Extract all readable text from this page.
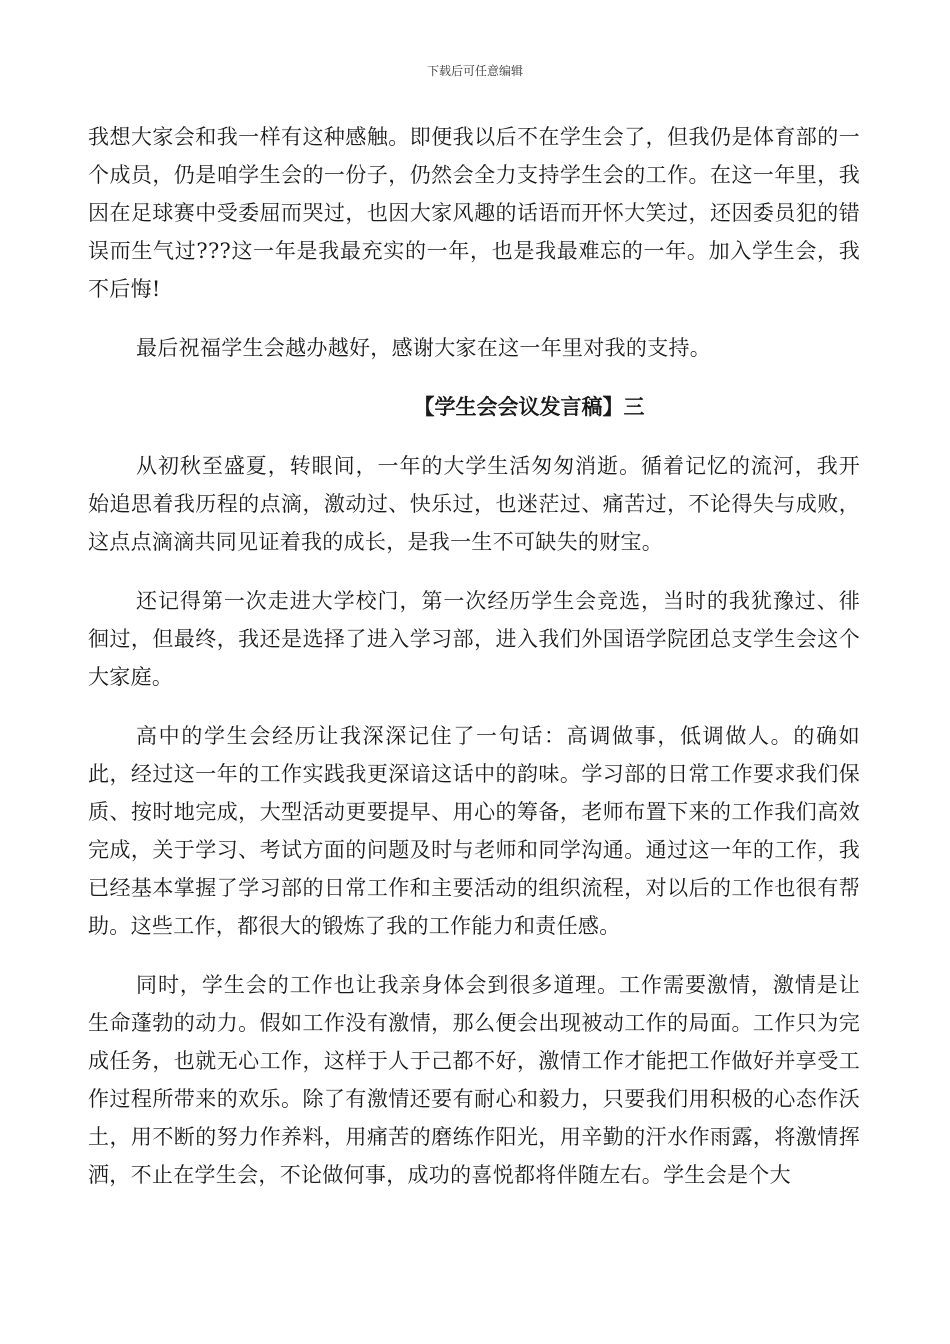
下载后可任意编辑

我想大家会和我一样有这种感触。即便我以后不在学生会了，但我仍是体育部的一个成员，仍是咱学生会的一份子，仍然会全力支持学生会的工作。在这一年里，我因在足球赛中受委屈而哭过，也因大家风趣的话语而开怀大笑过，还因委员犯的错误而生气过???这一年是我最充实的一年，也是我最难忘的一年。加入学生会，我不后悔!

最后祝福学生会越办越好，感谢大家在这一年里对我的支持。

【学生会会议发言稿】三

从初秋至盛夏，转眼间，一年的大学生活匆匆消逝。循着记忆的流河，我开始追思着我历程的点滴，激动过、快乐过，也迷茫过、痛苦过，不论得失与成败，这点点滴滴共同见证着我的成长，是我一生不可缺失的财宝。

还记得第一次走进大学校门，第一次经历学生会竞选，当时的我犹豫过、徘徊过，但最终，我还是选择了进入学习部，进入我们外国语学院团总支学生会这个大家庭。

高中的学生会经历让我深深记住了一句话：高调做事，低调做人。的确如此，经过这一年的工作实践我更深谙这话中的韵味。学习部的日常工作要求我们保质、按时地完成，大型活动更要提早、用心的筹备，老师布置下来的工作我们高效完成，关于学习、考试方面的问题及时与老师和同学沟通。通过这一年的工作，我已经基本掌握了学习部的日常工作和主要活动的组织流程，对以后的工作也很有帮助。这些工作，都很大的锻炼了我的工作能力和责任感。

同时，学生会的工作也让我亲身体会到很多道理。工作需要激情，激情是让生命蓬勃的动力。假如工作没有激情，那么便会出现被动工作的局面。工作只为完成任务，也就无心工作，这样于人于己都不好，激情工作才能把工作做好并享受工作过程所带来的欢乐。除了有激情还要有耐心和毅力，只要我们用积极的心态作沃土，用不断的努力作养料，用痛苦的磨练作阳光，用辛勤的汗水作雨露，将激情挥洒，不止在学生会，不论做何事，成功的喜悦都将伴随左右。学生会是个大
